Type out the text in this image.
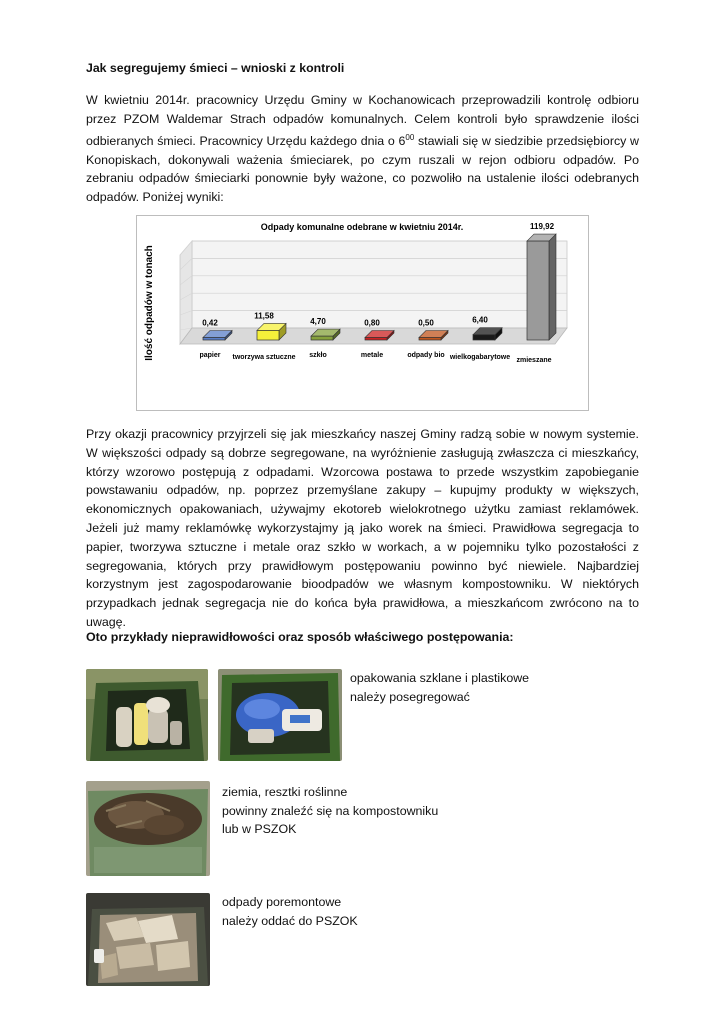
Jak segregujemy śmieci – wnioski z kontroli

W kwietniu 2014r. pracownicy Urzędu Gminy w Kochanowicach przeprowadzili kontrolę odbioru przez PZOM Waldemar Strach odpadów komunalnych. Celem kontroli było sprawdzenie ilości odbieranych śmieci. Pracownicy Urzędu każdego dnia o $6^{00}$ stawiali się w siedzibie przedsiębiorcy w Konopiskach, dokonywali ważenia śmieciarek, po czym ruszali w rejon odbioru odpadów. Po zebraniu odpadów śmieciarki ponownie były ważone, co pozwoliło na ustalenie ilości odebranych odpadów. Poniżej wyniki:

Odpady komunalne odebrane w kwietniu 2014r.
Ilość odpadów w tonach	0,42
papier
11,58
tworzywa sztuczne
4,70
szkło
0,80
metale
0,50
odpady bio
6,40
wielkogabarytowe
119,92
zmieszane

Przy okazji pracownicy przyjrzeli się jak mieszkańcy naszej Gminy radzą sobie w nowym systemie. W większości odpady są dobrze segregowane, na wyróżnienie zasługują zwłaszcza ci mieszkańcy, którzy wzorowo postępują z odpadami. Wzorcowa postawa to przede wszystkim zapobieganie powstawaniu odpadów, np. poprzez przemyślane zakupy – kupujmy produkty w większych, ekonomicznych opakowaniach, używajmy ekotoreb wielokrotnego użytku zamiast reklamówek. Jeżeli już mamy reklamówkę wykorzystajmy ją jako worek na śmieci. Prawidłowa segregacja to papier, tworzywa sztuczne i metale oraz szkło w workach, a w pojemniku tylko pozostałości z segregowania, których przy prawidłowym postępowaniu powinno być niewiele. Najbardziej korzystnym jest zagospodarowanie bioodpadów we własnym kompostowniku. W niektórych przypadkach jednak segregacja nie do końca była prawidłowa, a mieszkańcom zwrócono na to uwagę.

Oto przykłady nieprawidłowości oraz sposób właściwego postępowania:
opakowania szklane i plastikowe
należy posegregować
ziemia, resztki roślinne
powinny znaleźć się na kompostowniku
lub w PSZOK
odpady poremontowe
należy oddać do PSZOK
